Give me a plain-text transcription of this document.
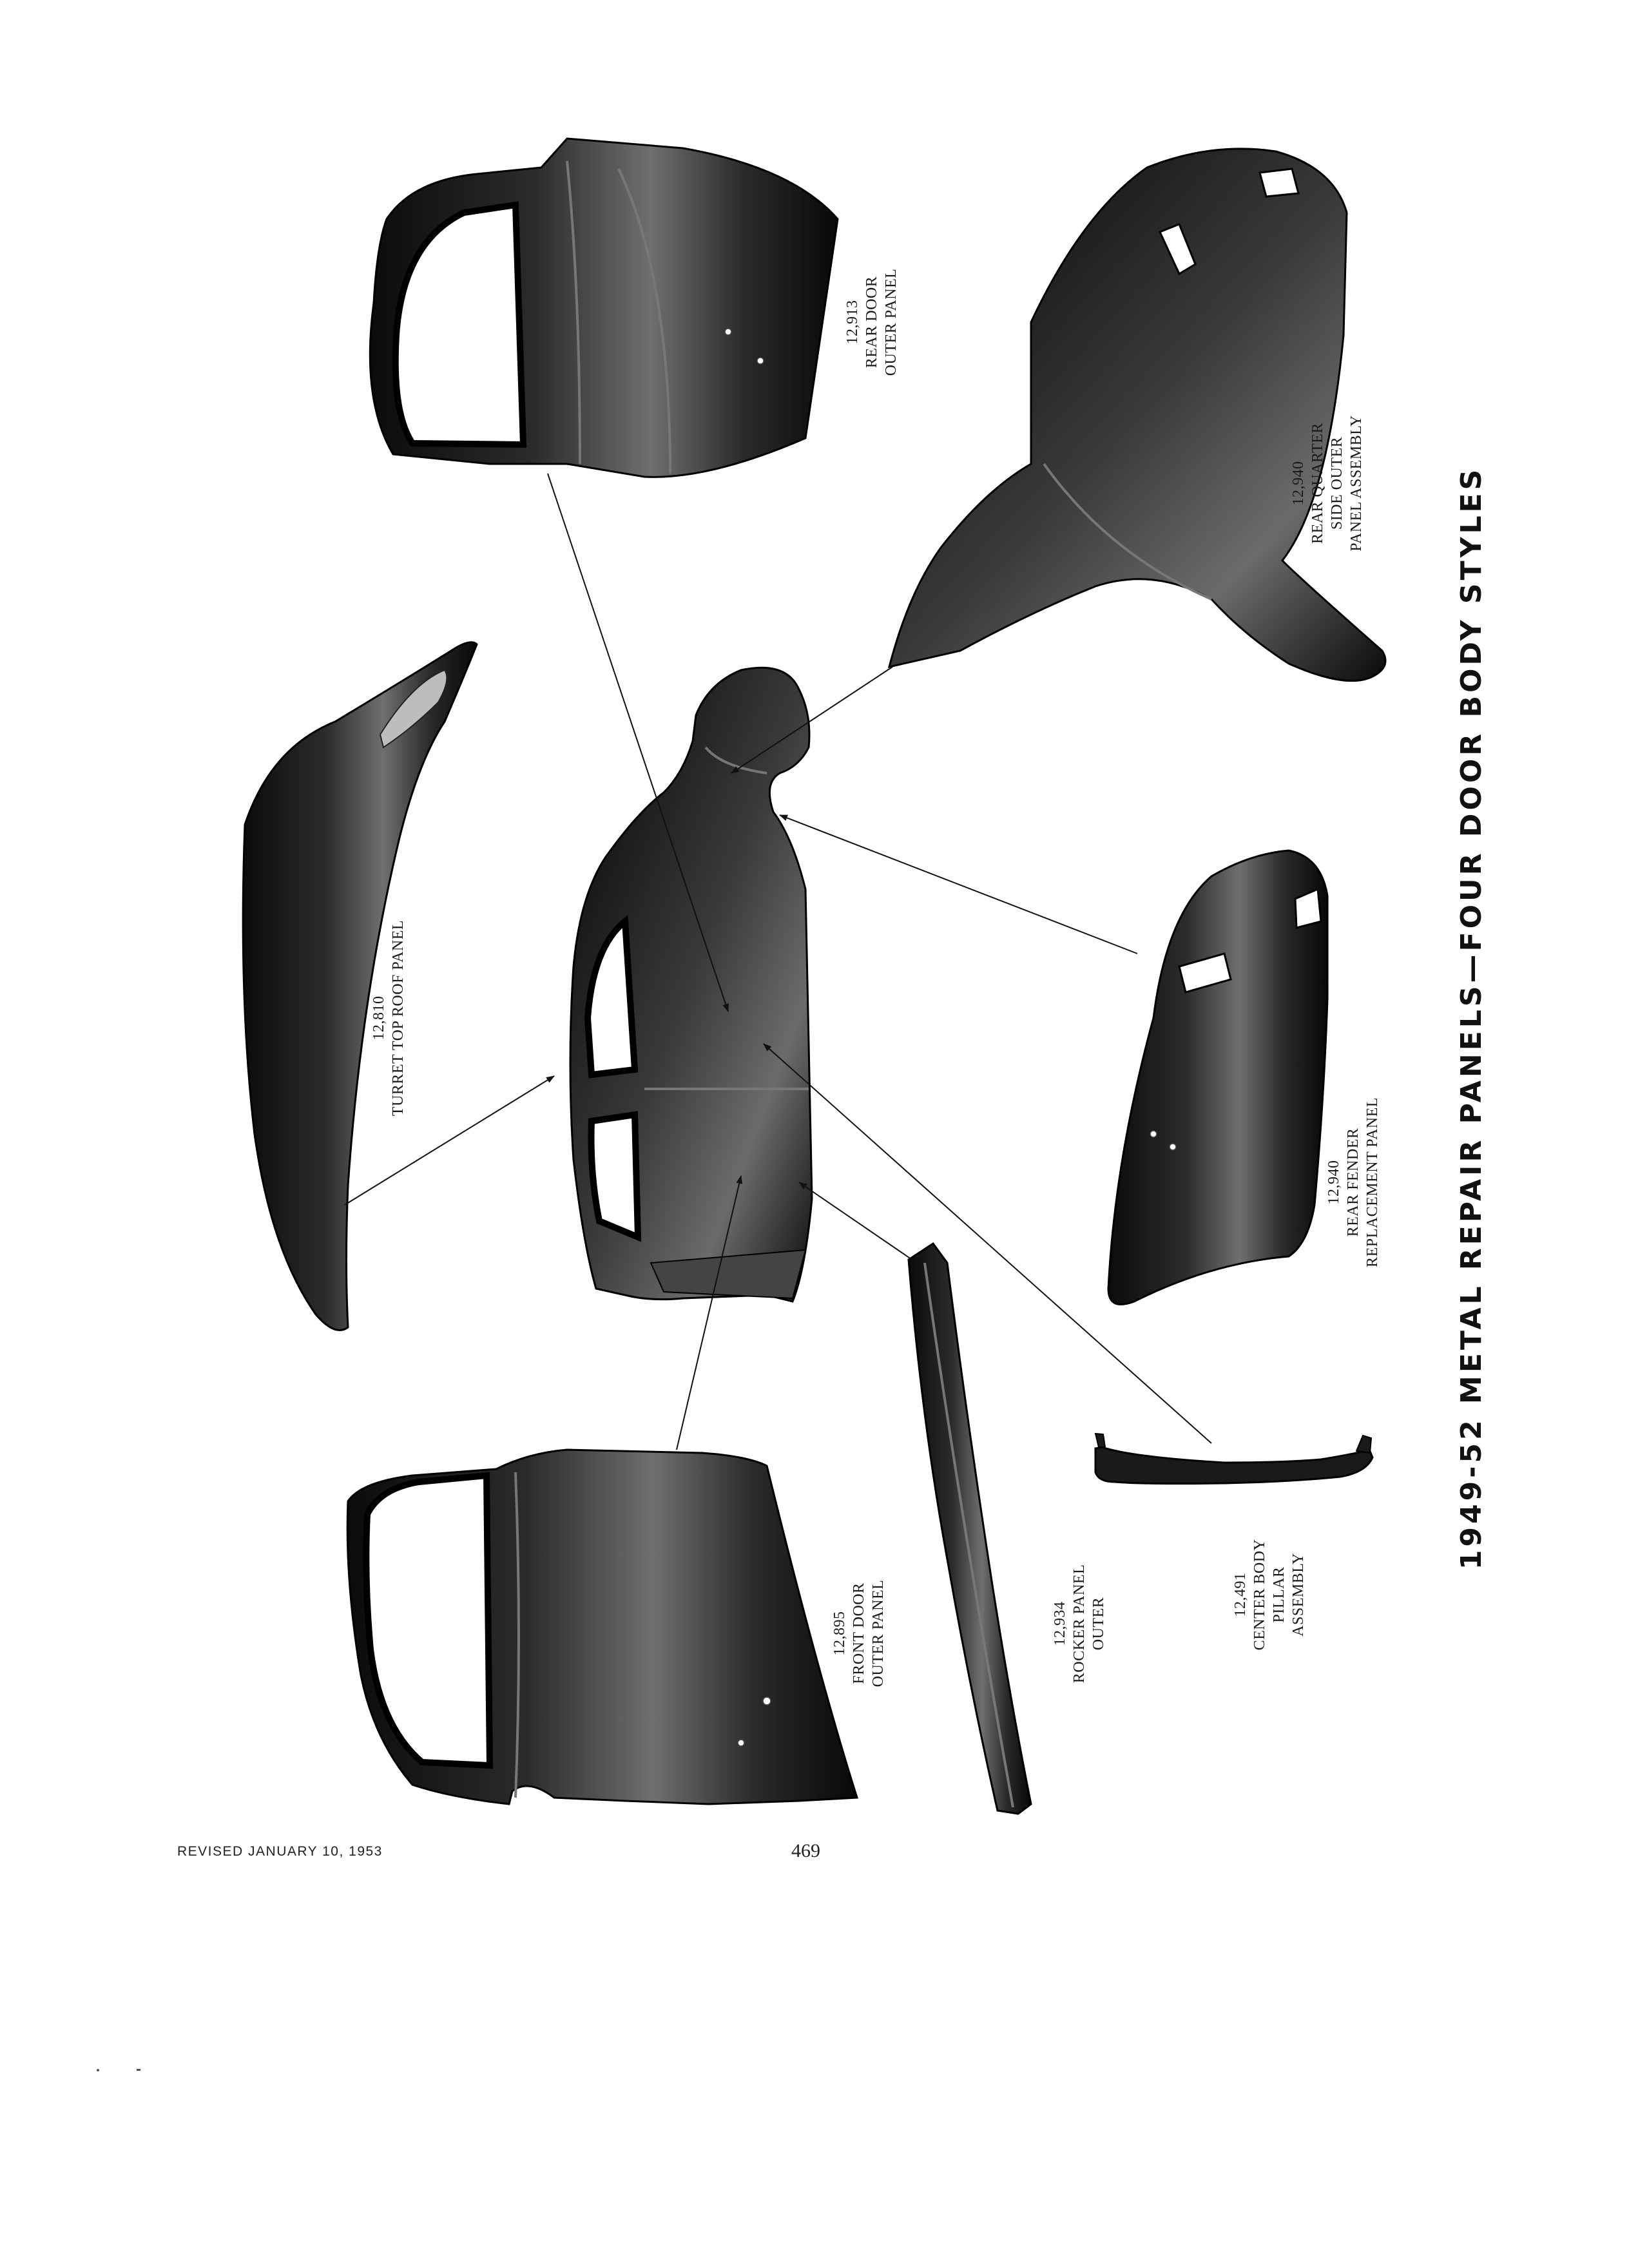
12,913 REAR DOOR OUTER PANEL
12,940 REAR QUARTER SIDE OUTER PANEL ASSEMBLY
12,810 TURRET TOP ROOF PANEL
12,940 REAR FENDER REPLACEMENT PANEL
12,895 FRONT DOOR OUTER PANEL	12,934 ROCKER PANEL OUTER
12,491 CENTER BODY PILLAR ASSEMBLY
1949-52 METAL REPAIR PANELS—FOUR DOOR BODY STYLES
REVISED JANUARY 10, 1953	469
